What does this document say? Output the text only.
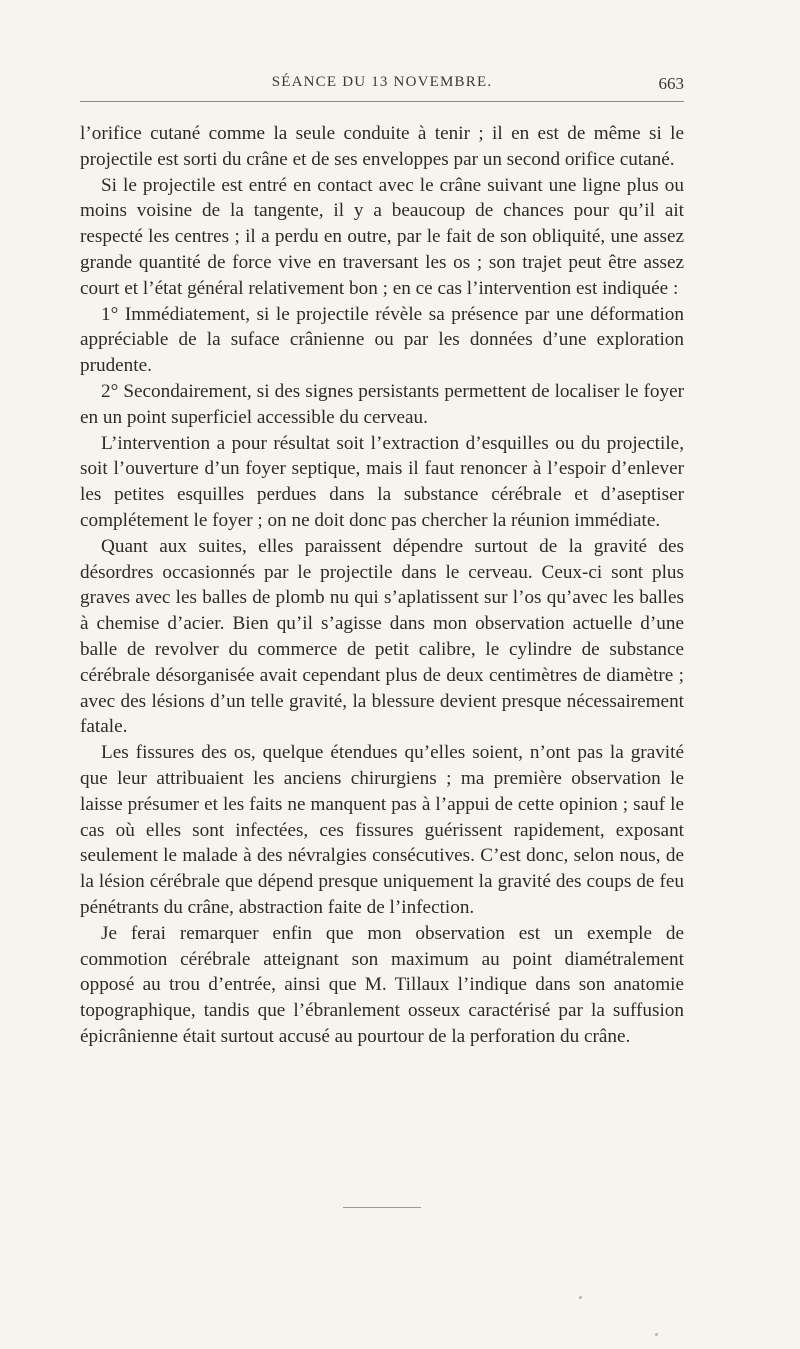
SÉANCE DU 13 NOVEMBRE.	663

l’orifice cutané comme la seule conduite à tenir ; il en est de même si le projectile est sorti du crâne et de ses enveloppes par un second orifice cutané.

Si le projectile est entré en contact avec le crâne suivant une ligne plus ou moins voisine de la tangente, il y a beaucoup de chances pour qu’il ait respecté les centres ; il a perdu en outre, par le fait de son obliquité, une assez grande quantité de force vive en traversant les os ; son trajet peut être assez court et l’état général relativement bon ; en ce cas l’intervention est indiquée :

1° Immédiatement, si le projectile révèle sa présence par une déformation appréciable de la suface crânienne ou par les données d’une exploration prudente.

2° Secondairement, si des signes persistants permettent de localiser le foyer en un point superficiel accessible du cerveau.

L’intervention a pour résultat soit l’extraction d’esquilles ou du projectile, soit l’ouverture d’un foyer septique, mais il faut renoncer à l’espoir d’enlever les petites esquilles perdues dans la substance cérébrale et d’aseptiser complétement le foyer ; on ne doit donc pas chercher la réunion immédiate.

Quant aux suites, elles paraissent dépendre surtout de la gravité des désordres occasionnés par le projectile dans le cerveau. Ceux-ci sont plus graves avec les balles de plomb nu qui s’aplatissent sur l’os qu’avec les balles à chemise d’acier. Bien qu’il s’agisse dans mon observation actuelle d’une balle de revolver du commerce de petit calibre, le cylindre de substance cérébrale désorganisée avait cependant plus de deux centimètres de diamètre ; avec des lésions d’un telle gravité, la blessure devient presque nécessairement fatale.

Les fissures des os, quelque étendues qu’elles soient, n’ont pas la gravité que leur attribuaient les anciens chirurgiens ; ma première observation le laisse présumer et les faits ne manquent pas à l’appui de cette opinion ; sauf le cas où elles sont infectées, ces fissures guérissent rapidement, exposant seulement le malade à des névralgies consécutives. C’est donc, selon nous, de la lésion cérébrale que dépend presque uniquement la gravité des coups de feu pénétrants du crâne, abstraction faite de l’infection.

Je ferai remarquer enfin que mon observation est un exemple de commotion cérébrale atteignant son maximum au point diamétralement opposé au trou d’entrée, ainsi que M. Tillaux l’indique dans son anatomie topographique, tandis que l’ébranlement osseux caractérisé par la suffusion épicrânienne était surtout accusé au pourtour de la perforation du crâne.
